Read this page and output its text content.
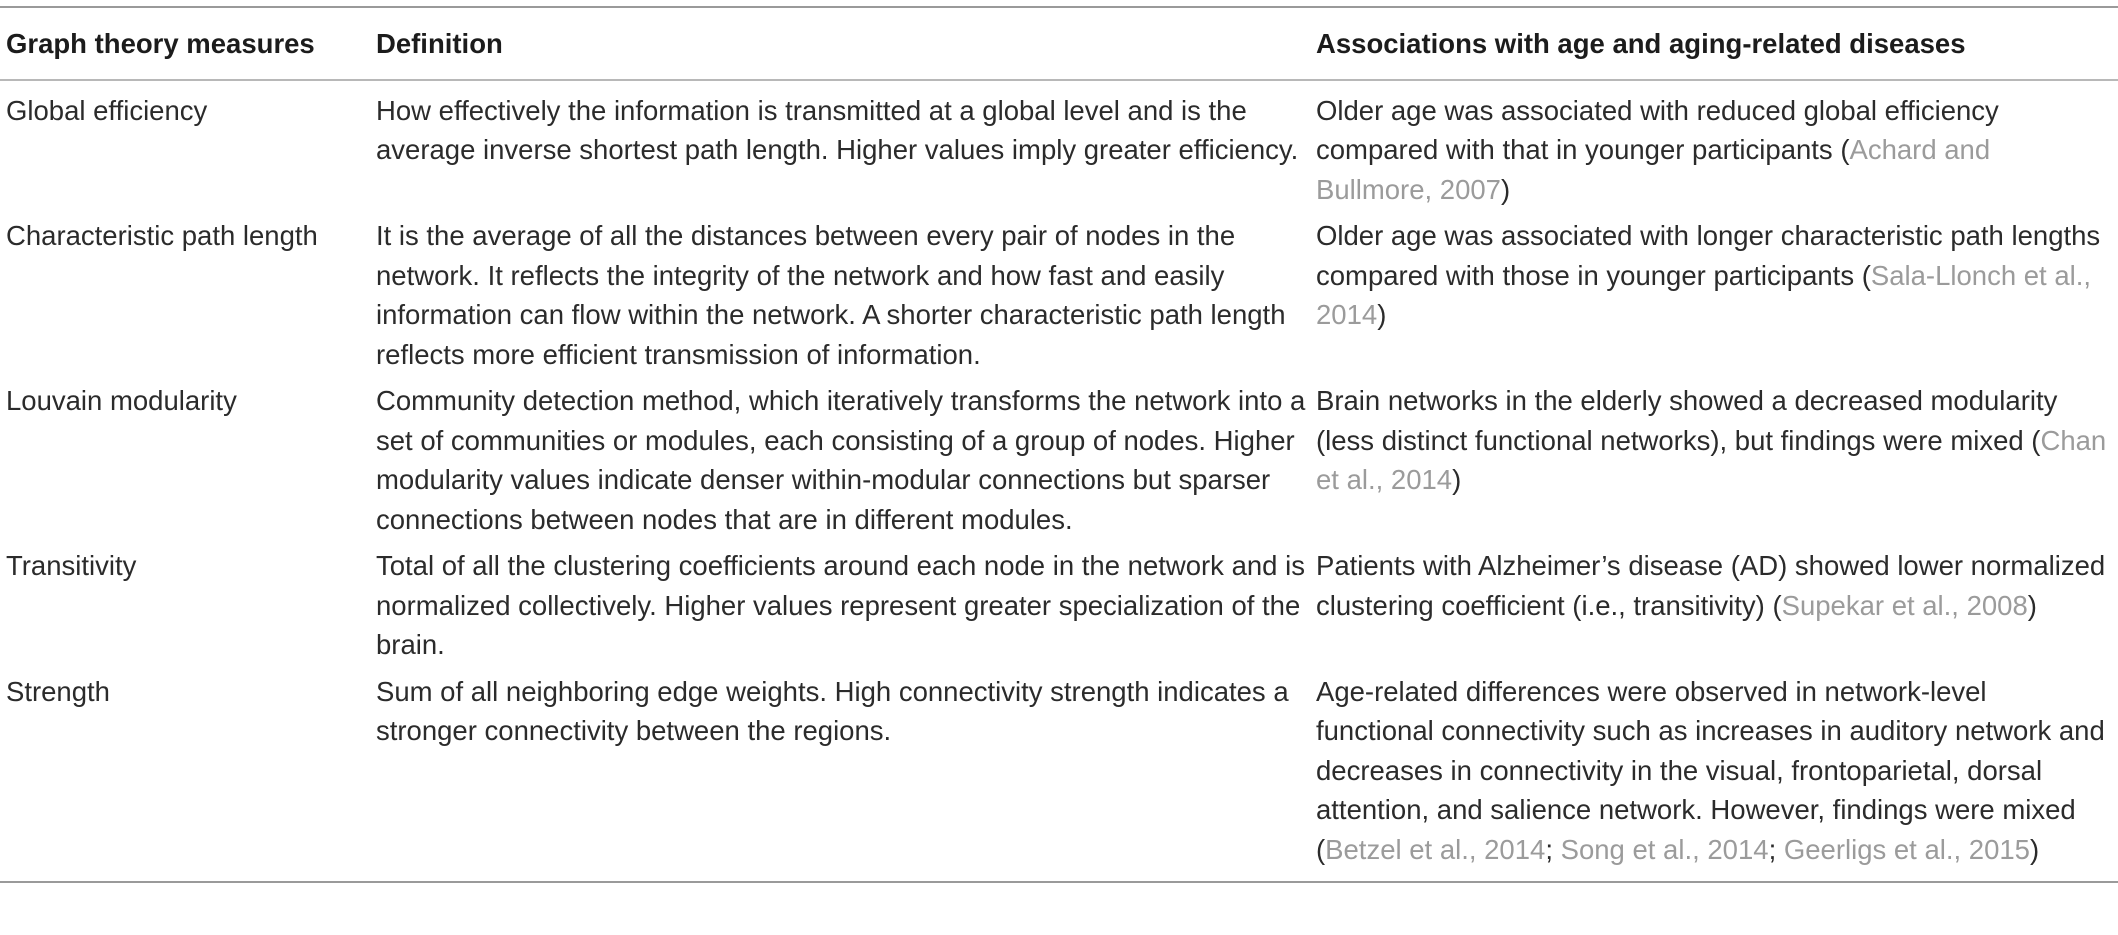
Graph theory measures	Definition	Associations with age and aging-related diseases
Global efficiency	How effectively the information is transmitted at a global level and is the average inverse shortest path length. Higher values imply greater efficiency.	Older age was associated with reduced global efficiency compared with that in younger participants (Achard and Bullmore, 2007)
Characteristic path length	It is the average of all the distances between every pair of nodes in the network. It reflects the integrity of the network and how fast and easily information can flow within the network. A shorter characteristic path length reflects more efficient transmission of information.	Older age was associated with longer characteristic path lengths compared with those in younger participants (Sala-Llonch et al., 2014)
Louvain modularity	Community detection method, which iteratively transforms the network into a set of communities or modules, each consisting of a group of nodes. Higher modularity values indicate denser within-modular connections but sparser connections between nodes that are in different modules.	Brain networks in the elderly showed a decreased modularity (less distinct functional networks), but findings were mixed (Chan et al., 2014)
Transitivity	Total of all the clustering coefficients around each node in the network and is normalized collectively. Higher values represent greater specialization of the brain.	Patients with Alzheimer’s disease (AD) showed lower normalized clustering coefficient (i.e., transitivity) (Supekar et al., 2008)
Strength	Sum of all neighboring edge weights. High connectivity strength indicates a stronger connectivity between the regions.	Age-related differences were observed in network-level functional connectivity such as increases in auditory network and decreases in connectivity in the visual, frontoparietal, dorsal attention, and salience network. However, findings were mixed (Betzel et al., 2014; Song et al., 2014; Geerligs et al., 2015)
